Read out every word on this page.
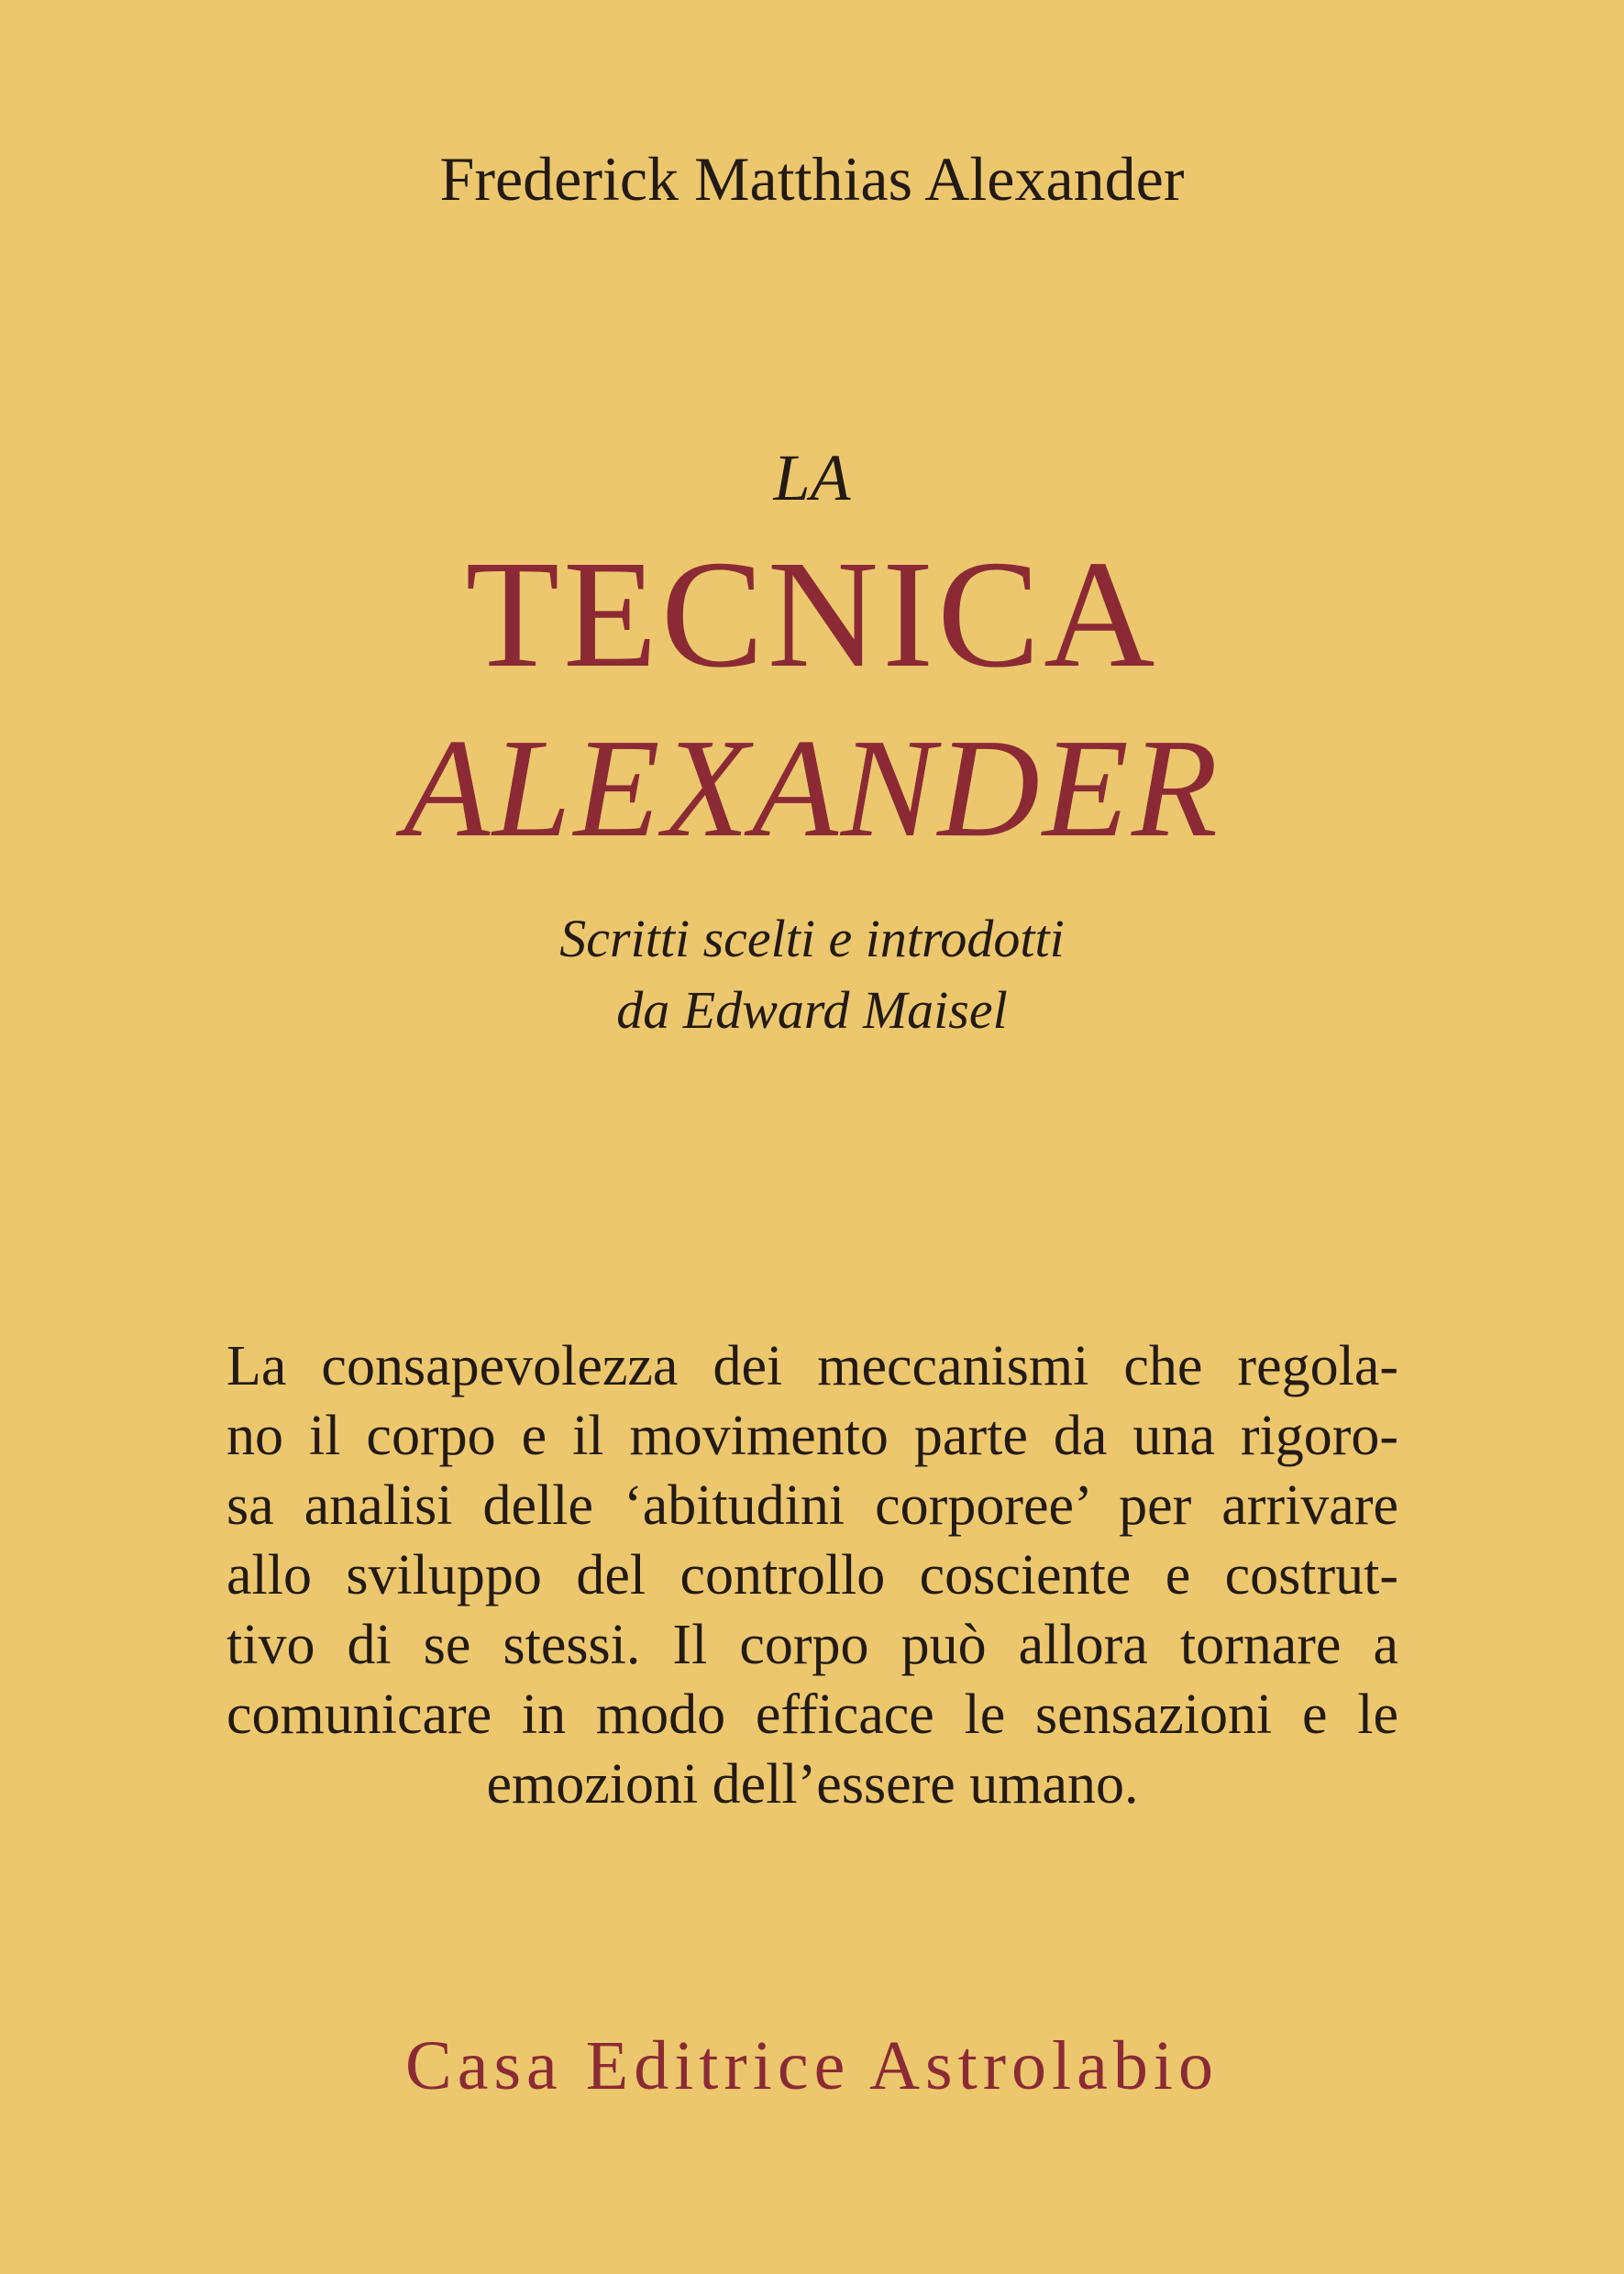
Frederick Matthias Alexander
LA
TECNICA
ALEXANDER
Scritti scelti e introdotti
da Edward Maisel
La consapevolezza dei meccanismi che regola-
no il corpo e il movimento parte da una rigoro-
sa analisi delle ‘abitudini corporee’ per arrivare
allo sviluppo del controllo cosciente e costrut-
tivo di se stessi. Il corpo può allora tornare a
comunicare in modo efficace le sensazioni e le
emozioni dell’essere umano.
Casa Editrice Astrolabio
